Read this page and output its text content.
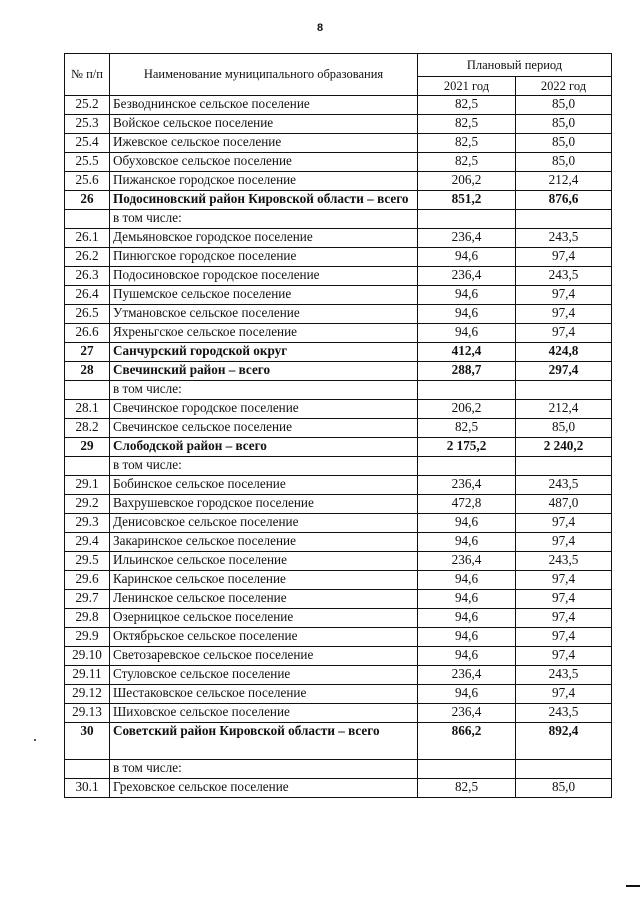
8
№ п/п	Наименование муниципального образования	Плановый период	
		2021 год	2022 год
25.2	Безводнинское сельское поселение	82,5	85,0
25.3	Войское сельское поселение	82,5	85,0
25.4	Ижевское сельское поселение	82,5	85,0
25.5	Обуховское сельское поселение	82,5	85,0
25.6	Пижанское городское поселение	206,2	212,4
26	Подосиновский район Кировской области – всего	851,2	876,6
	в том числе:		
26.1	Демьяновское городское поселение	236,4	243,5
26.2	Пинюгское городское поселение	94,6	97,4
26.3	Подосиновское городское поселение	236,4	243,5
26.4	Пушемское сельское поселение	94,6	97,4
26.5	Утмановское сельское поселение	94,6	97,4
26.6	Яхреньгское сельское поселение	94,6	97,4
27	Санчурский городской округ	412,4	424,8
28	Свечинский район – всего	288,7	297,4
	в том числе:		
28.1	Свечинское городское поселение	206,2	212,4
28.2	Свечинское сельское поселение	82,5	85,0
29	Слободской район – всего	2 175,2	2 240,2
	в том числе:		
29.1	Бобинское сельское поселение	236,4	243,5
29.2	Вахрушевское городское поселение	472,8	487,0
29.3	Денисовское сельское поселение	94,6	97,4
29.4	Закаринское сельское поселение	94,6	97,4
29.5	Ильинское сельское поселение	236,4	243,5
29.6	Каринское сельское поселение	94,6	97,4
29.7	Ленинское сельское поселение	94,6	97,4
29.8	Озерницкое сельское поселение	94,6	97,4
29.9	Октябрьское сельское поселение	94,6	97,4
29.10	Светозаревское сельское поселение	94,6	97,4
29.11	Стуловское сельское поселение	236,4	243,5
29.12	Шестаковское сельское поселение	94,6	97,4
29.13	Шиховское сельское поселение	236,4	243,5
30	Советский район Кировской области – всего	866,2	892,4
	в том числе:		
30.1	Греховское сельское поселение	82,5	85,0
